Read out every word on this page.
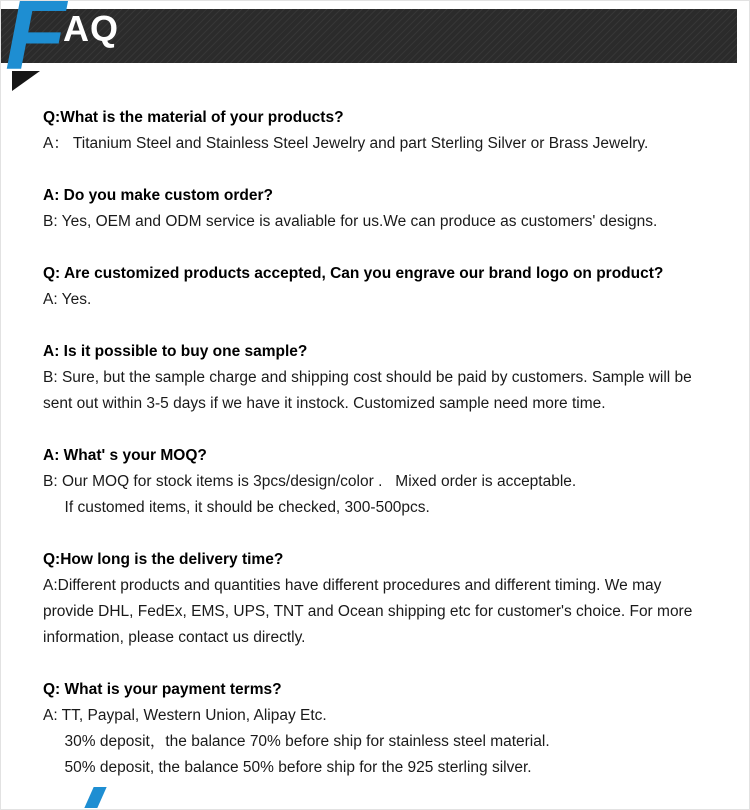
F
AQ

Q:What is the material of your products?

A： Titanium Steel and Stainless Steel Jewelry and part Sterling Silver or Brass Jewelry.

A: Do you make custom order?

B: Yes, OEM and ODM service is avaliable for us.We can produce as customers' designs.

Q: Are customized products accepted, Can you engrave our brand logo on product?

A: Yes.

A: Is it possible to buy one sample?

B: Sure, but the sample charge and shipping cost should be paid by customers. Sample will be sent out within 3-5 days if we have it instock. Customized sample need more time.

A: What' s your MOQ?

B: Our MOQ for stock items is 3pcs/design/color .   Mixed order is acceptable.

If customed items, it should be checked, 300-500pcs.

Q:How long is the delivery time?

A:Different products and quantities have different procedures and different timing. We may provide DHL, FedEx, EMS, UPS, TNT and Ocean shipping etc for customer's choice. For more information, please contact us directly.

Q: What is your payment terms?

A: TT, Paypal, Western Union, Alipay Etc.

30% deposit，the balance 70% before ship for stainless steel material.

50% deposit, the balance 50% before ship for the 925 sterling silver.
